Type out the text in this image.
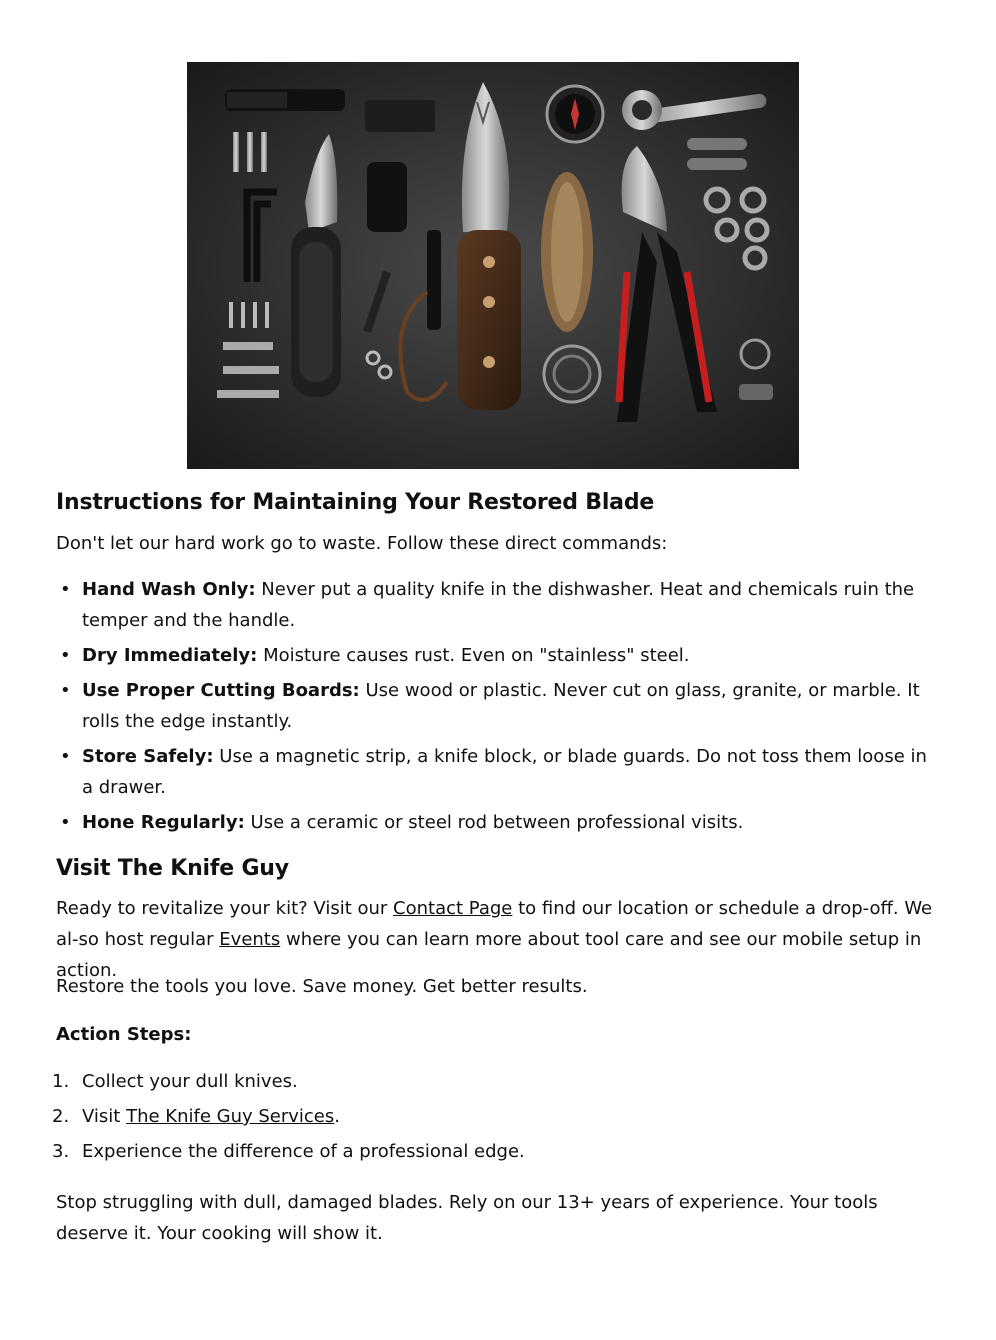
Instructions for Maintaining Your Restored Blade

Don't let our hard work go to waste. Follow these direct commands:

• Hand Wash Only: Never put a quality knife in the dishwasher. Heat and chemicals ruin the temper and the handle.
• Dry Immediately: Moisture causes rust. Even on "stainless" steel.
• Use Proper Cutting Boards: Use wood or plastic. Never cut on glass, granite, or marble. It rolls the edge instantly.
• Store Safely: Use a magnetic strip, a knife block, or blade guards. Do not toss them loose in a drawer.
• Hone Regularly: Use a ceramic or steel rod between professional visits.
Visit The Knife Guy

Ready to revitalize your kit? Visit our Contact Page to find our location or schedule a drop-off. We al-so host regular Events where you can learn more about tool care and see our mobile setup in action.

Restore the tools you love. Save money. Get better results.

Action Steps:

1. Collect your dull knives.
2. Visit The Knife Guy Services.
3. Experience the difference of a professional edge.

Stop struggling with dull, damaged blades. Rely on our 13+ years of experience. Your tools deserve it. Your cooking will show it.
